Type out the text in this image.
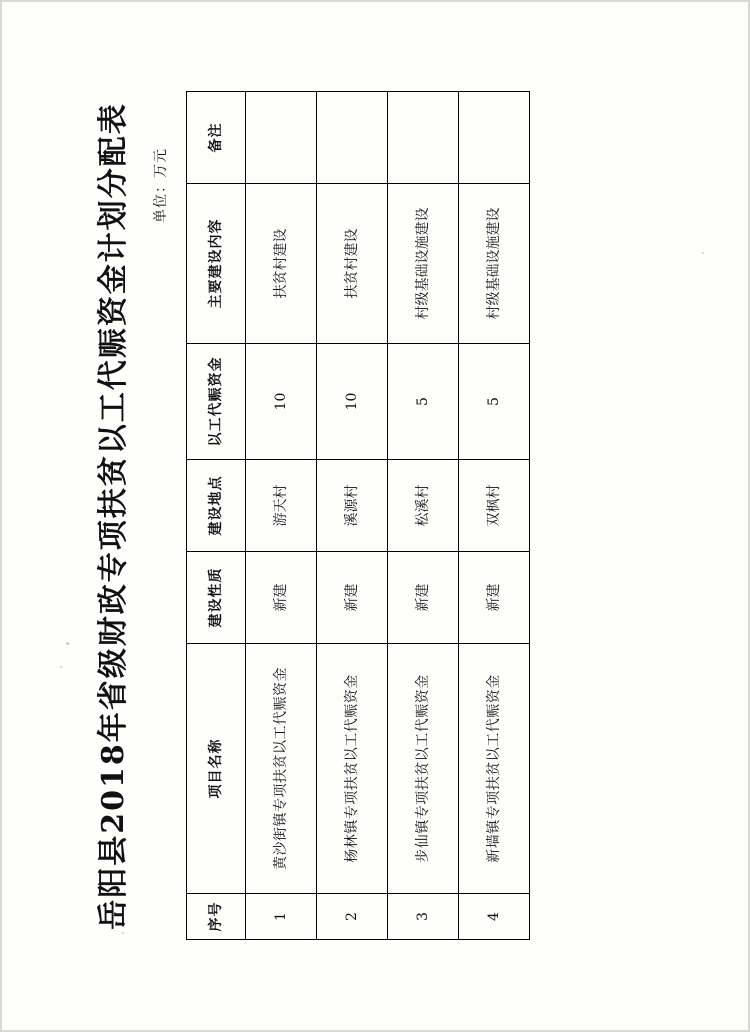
岳阳县2018年省级财政专项扶贫以工代赈资金计划分配表 单位：万元
序号	项目名称	建设性质	建设地点	以工代赈资金	主要建设内容	备注
1	黄沙街镇专项扶贫以工代赈资金	新建	游天村	10	扶贫村建设	
2	杨林镇专项扶贫以工代赈资金	新建	溪源村	10	扶贫村建设	
3	步仙镇专项扶贫以工代赈资金	新建	松溪村	5	村级基础设施建设	
4	新墙镇专项扶贫以工代赈资金	新建	双枫村	5	村级基础设施建设	
